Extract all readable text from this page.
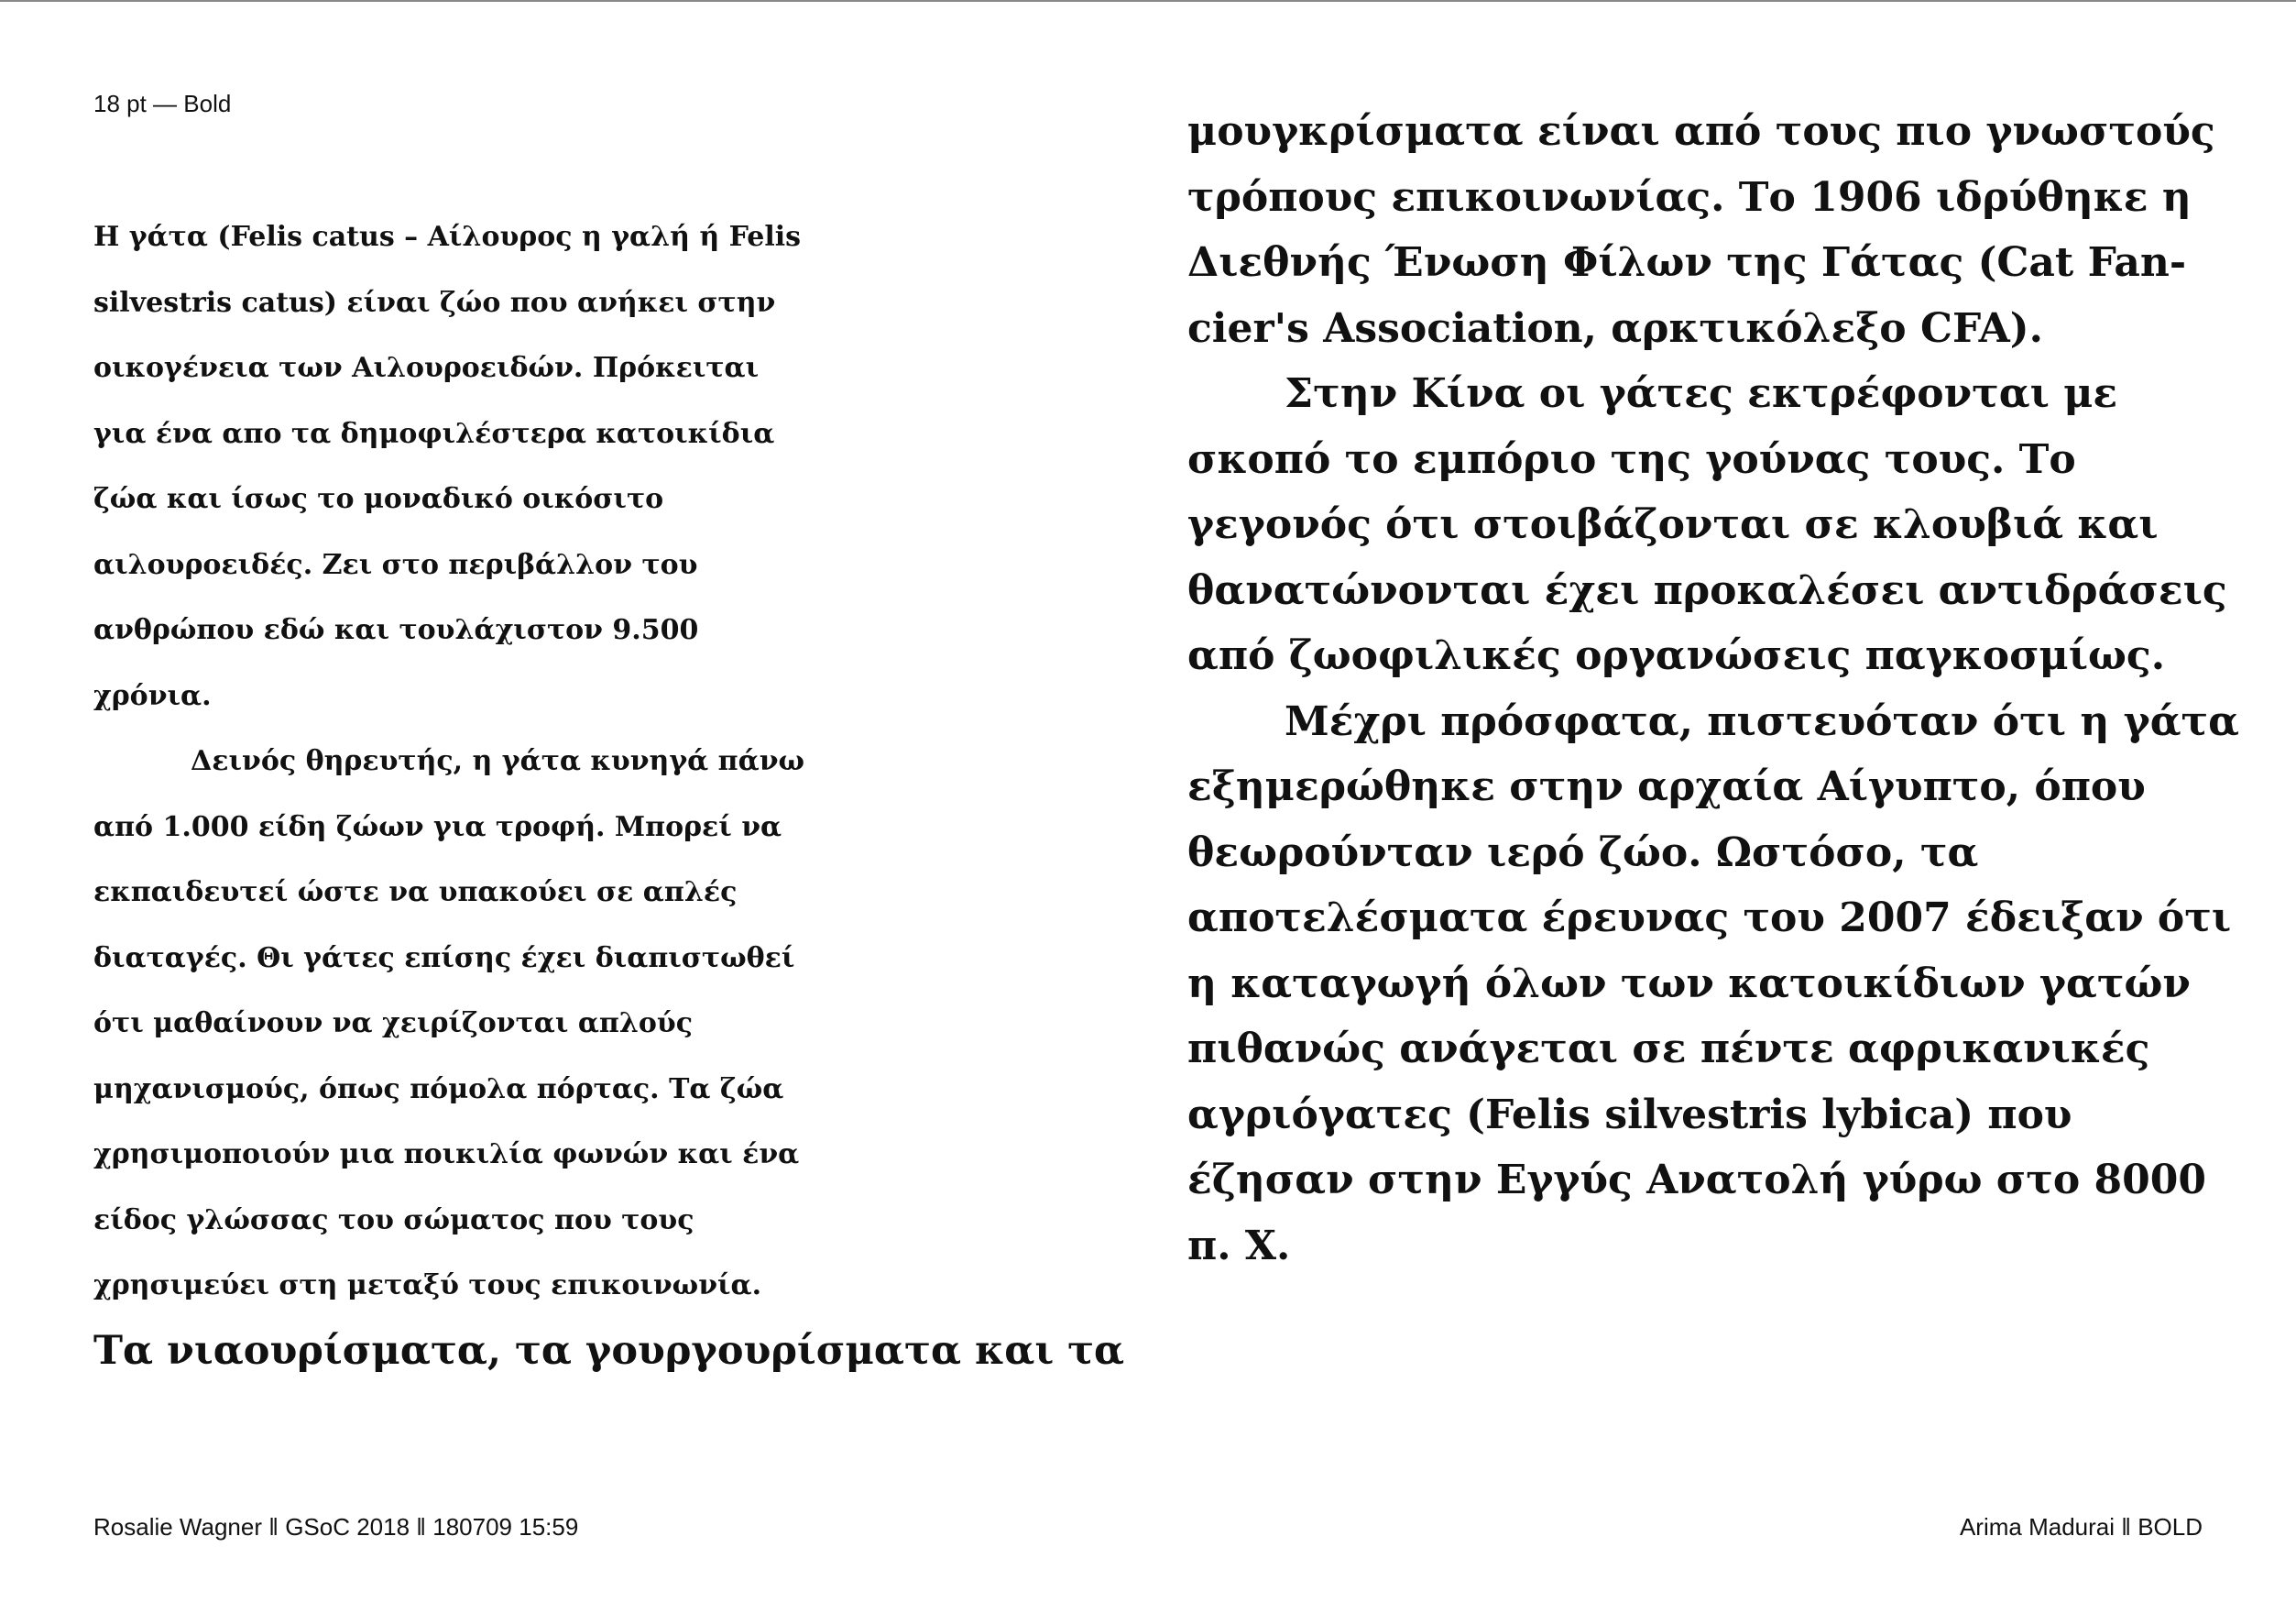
18 pt — Bold
Η γάτα (Felis catus – Αίλουρος η γαλή ή Felis
silvestris catus) είναι ζώο που ανήκει στην
οικογένεια των Αιλουροειδών. Πρόκειται
για ένα απο τα δημοφιλέστερα κατοικίδια
ζώα και ίσως το μοναδικό οικόσιτο
αιλουροειδές. Ζει στο περιβάλλον του
ανθρώπου εδώ και τουλάχιστον 9.500
χρόνια.
Δεινός θηρευτής, η γάτα κυνηγά πάνω
από 1.000 είδη ζώων για τροφή. Μπορεί να
εκπαιδευτεί ώστε να υπακούει σε απλές
διαταγές. Θι γάτες επίσης έχει διαπιστωθεί
ότι μαθαίνουν να χειρίζονται απλούς
μηχανισμούς, όπως πόμολα πόρτας. Τα ζώα
χρησιμοποιούν μια ποικιλία φωνών και ένα
είδος γλώσσας του σώματος που τους
χρησιμεύει στη μεταξύ τους επικοινωνία.
Τα νιαουρίσματα, τα γουργουρίσματα και τα
μουγκρίσματα είναι από τους πιο γνωστούς
τρόπους επικοινωνίας. Το 1906 ιδρύθηκε η
Διεθνής Ένωση Φίλων της Γάτας (Cat Fan-
cier's Association, αρκτικόλεξο CFA).
Στην Κίνα οι γάτες εκτρέφονται με
σκοπό το εμπόριο της γούνας τους. Το
γεγονός ότι στοιβάζονται σε κλουβιά και
θανατώνονται έχει προκαλέσει αντιδράσεις
από ζωοφιλικές οργανώσεις παγκοσμίως.
Μέχρι πρόσφατα, πιστευόταν ότι η γάτα
εξημερώθηκε στην αρχαία Αίγυπτο, όπου
θεωρούνταν ιερό ζώο. Ωστόσο, τα
αποτελέσματα έρευνας του 2007 έδειξαν ότι
η καταγωγή όλων των κατοικίδιων γατών
πιθανώς ανάγεται σε πέντε αφρικανικές
αγριόγατες (Felis silvestris lybica) που
έζησαν στην Εγγύς Ανατολή γύρω στο 8000
π. Χ.
Rosalie Wagner ‖ GSoC 2018 ‖ 180709 15:59	Arima Madurai ‖ BOLD
